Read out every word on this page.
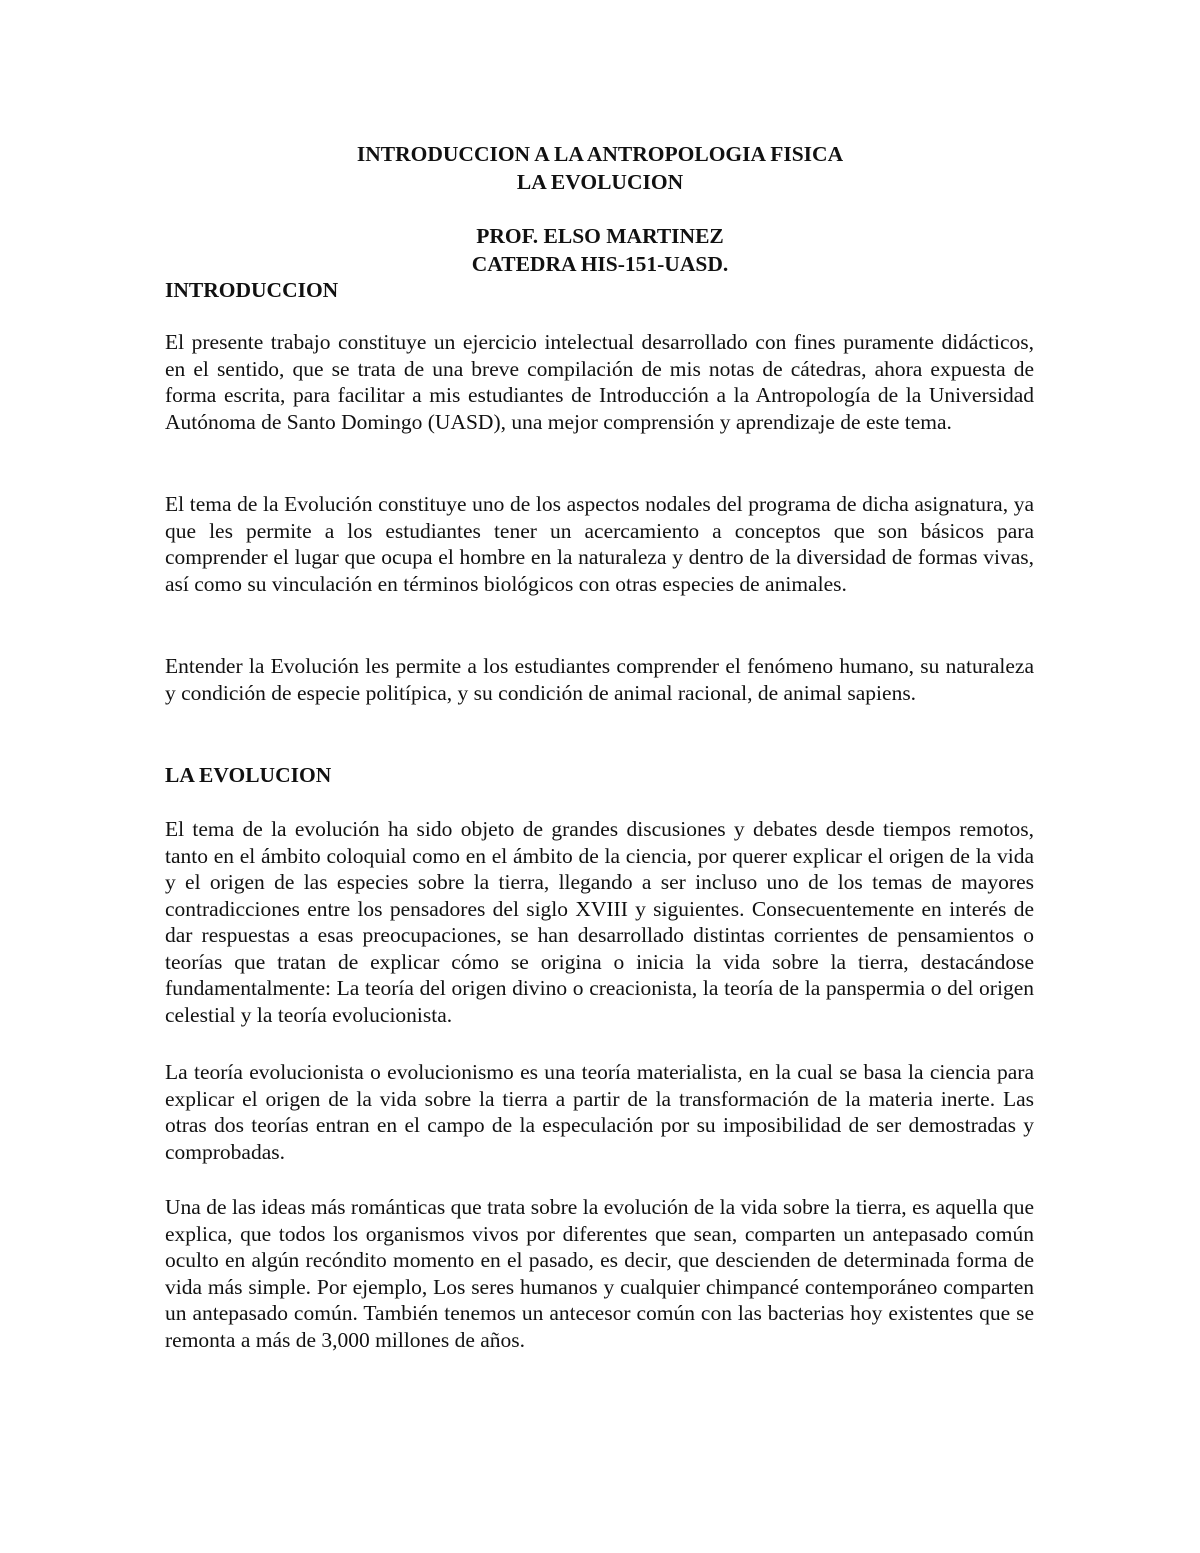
INTRODUCCION A LA ANTROPOLOGIA FISICA
LA EVOLUCION
PROF. ELSO MARTINEZ
CATEDRA HIS-151-UASD.
INTRODUCCION

El presente trabajo constituye un ejercicio intelectual desarrollado con fines puramente didácticos, en el sentido, que se trata de una breve compilación de mis notas de cátedras, ahora expuesta de forma escrita, para facilitar a mis estudiantes de Introducción a la Antropología de la Universidad Autónoma de Santo Domingo (UASD), una mejor comprensión y aprendizaje de este tema.

El tema de la Evolución constituye uno de los aspectos nodales del programa de dicha asignatura, ya que les permite a los estudiantes tener un acercamiento a conceptos que son básicos para comprender el lugar que ocupa el hombre en la naturaleza y dentro de la diversidad de formas vivas, así como su vinculación en términos biológicos con otras especies de animales.

Entender la Evolución les permite a los estudiantes comprender el fenómeno humano, su naturaleza y condición de especie politípica, y su condición de animal racional, de animal sapiens.

LA EVOLUCION

El tema de la evolución ha sido objeto de grandes discusiones y debates desde tiempos remotos, tanto en el ámbito coloquial como en el ámbito de la ciencia, por querer explicar el origen de la vida y el origen de las especies sobre la tierra, llegando a ser incluso uno de los temas de mayores contradicciones entre los pensadores del siglo XVIII y siguientes. Consecuentemente en interés de dar respuestas a esas preocupaciones, se han desarrollado distintas corrientes de pensamientos o teorías que tratan de explicar cómo se origina o inicia la vida sobre la tierra, destacándose fundamentalmente: La teoría del origen divino o creacionista, la teoría de la panspermia o del origen celestial y la teoría evolucionista.

La teoría evolucionista o evolucionismo es una teoría materialista, en la cual se basa la ciencia para explicar el origen de la vida sobre la tierra a partir de la transformación de la materia inerte. Las otras dos teorías entran en el campo de la especulación por su imposibilidad de ser demostradas y comprobadas.

Una de las ideas más románticas que trata sobre la evolución de la vida sobre la tierra, es aquella que explica, que todos los organismos vivos por diferentes que sean, comparten un antepasado común oculto en algún recóndito momento en el pasado, es decir, que descienden de determinada forma de vida más simple. Por ejemplo, Los seres humanos y cualquier chimpancé contemporáneo comparten un antepasado común. También tenemos un antecesor común con las bacterias hoy existentes que se remonta a más de 3,000 millones de años.
